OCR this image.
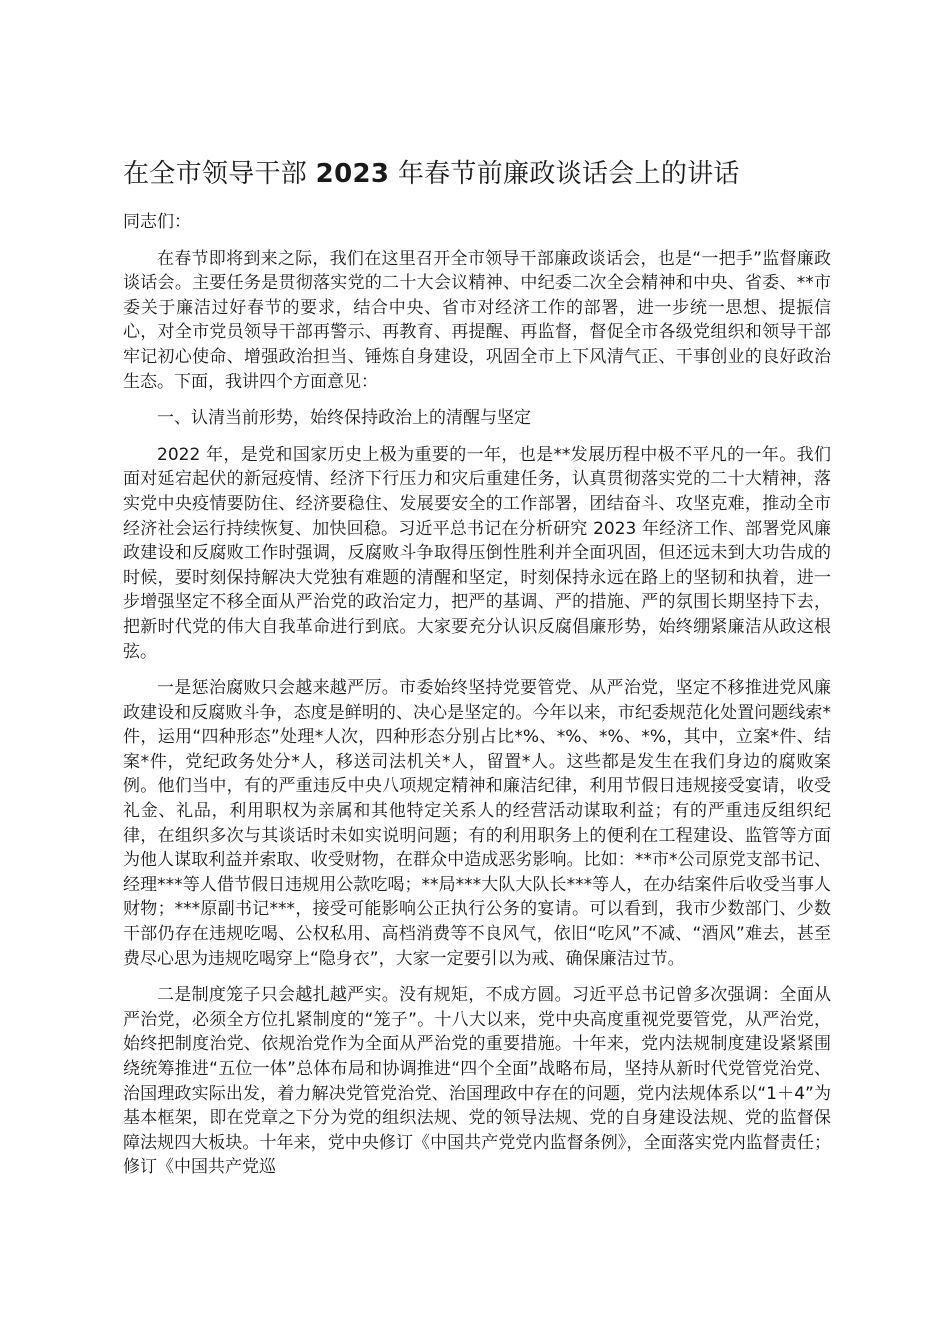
在全市领导干部 2023 年春节前廉政谈话会上的讲话

同志们：

在春节即将到来之际，我们在这里召开全市领导干部廉政谈话会，也是“一把手”监督廉政谈话会。主要任务是贯彻落实党的二十大会议精神、中纪委二次全会精神和中央、省委、**市委关于廉洁过好春节的要求，结合中央、省市对经济工作的部署，进一步统一思想、提振信心，对全市党员领导干部再警示、再教育、再提醒、再监督，督促全市各级党组织和领导干部牢记初心使命、增强政治担当、锤炼自身建设，巩固全市上下风清气正、干事创业的良好政治生态。下面，我讲四个方面意见：

一、认清当前形势，始终保持政治上的清醒与坚定

2022 年，是党和国家历史上极为重要的一年，也是**发展历程中极不平凡的一年。我们面对延宕起伏的新冠疫情、经济下行压力和灾后重建任务，认真贯彻落实党的二十大精神，落实党中央疫情要防住、经济要稳住、发展要安全的工作部署，团结奋斗、攻坚克难，推动全市经济社会运行持续恢复、加快回稳。习近平总书记在分析研究 2023 年经济工作、部署党风廉政建设和反腐败工作时强调，反腐败斗争取得压倒性胜利并全面巩固，但还远未到大功告成的时候，要时刻保持解决大党独有难题的清醒和坚定，时刻保持永远在路上的坚韧和执着，进一步增强坚定不移全面从严治党的政治定力，把严的基调、严的措施、严的氛围长期坚持下去，把新时代党的伟大自我革命进行到底。大家要充分认识反腐倡廉形势，始终绷紧廉洁从政这根弦。

一是惩治腐败只会越来越严厉。市委始终坚持党要管党、从严治党，坚定不移推进党风廉政建设和反腐败斗争，态度是鲜明的、决心是坚定的。今年以来，市纪委规范化处置问题线索*件，运用“四种形态”处理*人次，四种形态分别占比*%、*%、*%、*%，其中，立案*件、结案*件，党纪政务处分*人，移送司法机关*人，留置*人。这些都是发生在我们身边的腐败案例。他们当中，有的严重违反中央八项规定精神和廉洁纪律，利用节假日违规接受宴请，收受礼金、礼品，利用职权为亲属和其他特定关系人的经营活动谋取利益；有的严重违反组织纪律，在组织多次与其谈话时未如实说明问题；有的利用职务上的便利在工程建设、监管等方面为他人谋取利益并索取、收受财物，在群众中造成恶劣影响。比如：**市*公司原党支部书记、经理***等人借节假日违规用公款吃喝；**局***大队大队长***等人，在办结案件后收受当事人财物；***原副书记***，接受可能影响公正执行公务的宴请。可以看到，我市少数部门、少数干部仍存在违规吃喝、公权私用、高档消费等不良风气，依旧“吃风”不减、“酒风”难去，甚至费尽心思为违规吃喝穿上“隐身衣”，大家一定要引以为戒、确保廉洁过节。

二是制度笼子只会越扎越严实。没有规矩，不成方圆。习近平总书记曾多次强调：全面从严治党，必须全方位扎紧制度的“笼子”。十八大以来，党中央高度重视党要管党，从严治党，始终把制度治党、依规治党作为全面从严治党的重要措施。十年来，党内法规制度建设紧紧围绕统筹推进“五位一体”总体布局和协调推进“四个全面”战略布局，坚持从新时代党管党治党、治国理政实际出发，着力解决党管党治党、治国理政中存在的问题，党内法规体系以“1＋4”为基本框架，即在党章之下分为党的组织法规、党的领导法规、党的自身建设法规、党的监督保障法规四大板块。十年来，党中央修订《中国共产党党内监督条例》，全面落实党内监督责任；修订《中国共产党巡
